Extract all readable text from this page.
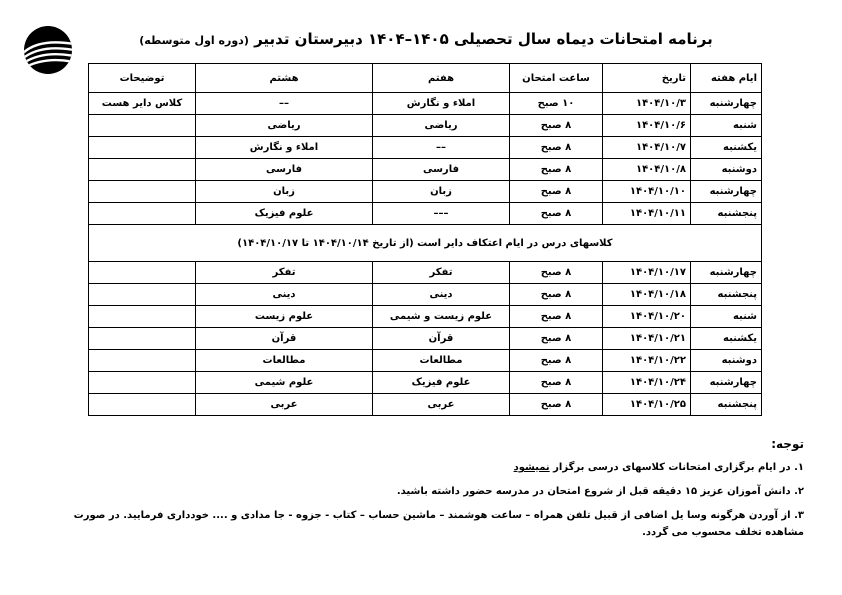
برنامه امتحانات دیماه سال تحصیلی ۱۴۰۵–۱۴۰۴ دبیرستان تدبیر (دوره اول متوسطه)
ایام هفته	تاریخ	ساعت امتحان	هفتم	هشتم	توضیحات
چهارشنبه	۱۴۰۴/۱۰/۳	۱۰ صبح	املاء و نگارش	––	کلاس دایر هست
شنبه	۱۴۰۴/۱۰/۶	۸ صبح	ریاضی	ریاضی	
یکشنبه	۱۴۰۴/۱۰/۷	۸ صبح	––	املاء و نگارش	
دوشنبه	۱۴۰۴/۱۰/۸	۸ صبح	فارسی	فارسی	
چهارشنبه	۱۴۰۴/۱۰/۱۰	۸ صبح	زبان	زبان	
پنجشنبه	۱۴۰۴/۱۰/۱۱	۸ صبح	–––	علوم فیزیک	
کلاسهای درس در ایام اعتکاف دایر است (از تاریخ ۱۴۰۴/۱۰/۱۴ تا ۱۴۰۴/۱۰/۱۷)					
چهارشنبه	۱۴۰۴/۱۰/۱۷	۸ صبح	تفکر	تفکر	
پنجشنبه	۱۴۰۴/۱۰/۱۸	۸ صبح	دینی	دینی	
شنبه	۱۴۰۴/۱۰/۲۰	۸ صبح	علوم زیست و شیمی	علوم زیست	
یکشنبه	۱۴۰۴/۱۰/۲۱	۸ صبح	قرآن	قرآن	
دوشنبه	۱۴۰۴/۱۰/۲۲	۸ صبح	مطالعات	مطالعات	
چهارشنبه	۱۴۰۴/۱۰/۲۴	۸ صبح	علوم فیزیک	علوم شیمی	
پنجشنبه	۱۴۰۴/۱۰/۲۵	۸ صبح	عربی	عربی	
توجه:

۱. در ایام برگزاری امتحانات کلاسهای درسی برگزار نمیشود

۲. دانش آموزان عزیز ۱۵ دقیقه قبل از شروع امتحان در مدرسه حضور داشته باشید.

۳. از آوردن هرگونه وسا یل اضافی از قبیل تلفن همراه – ساعت هوشمند – ماشین حساب – کتاب - جزوه - جا مدادی و .... خودداری فرمایید. در صورت مشاهده تخلف محسوب می گردد.
